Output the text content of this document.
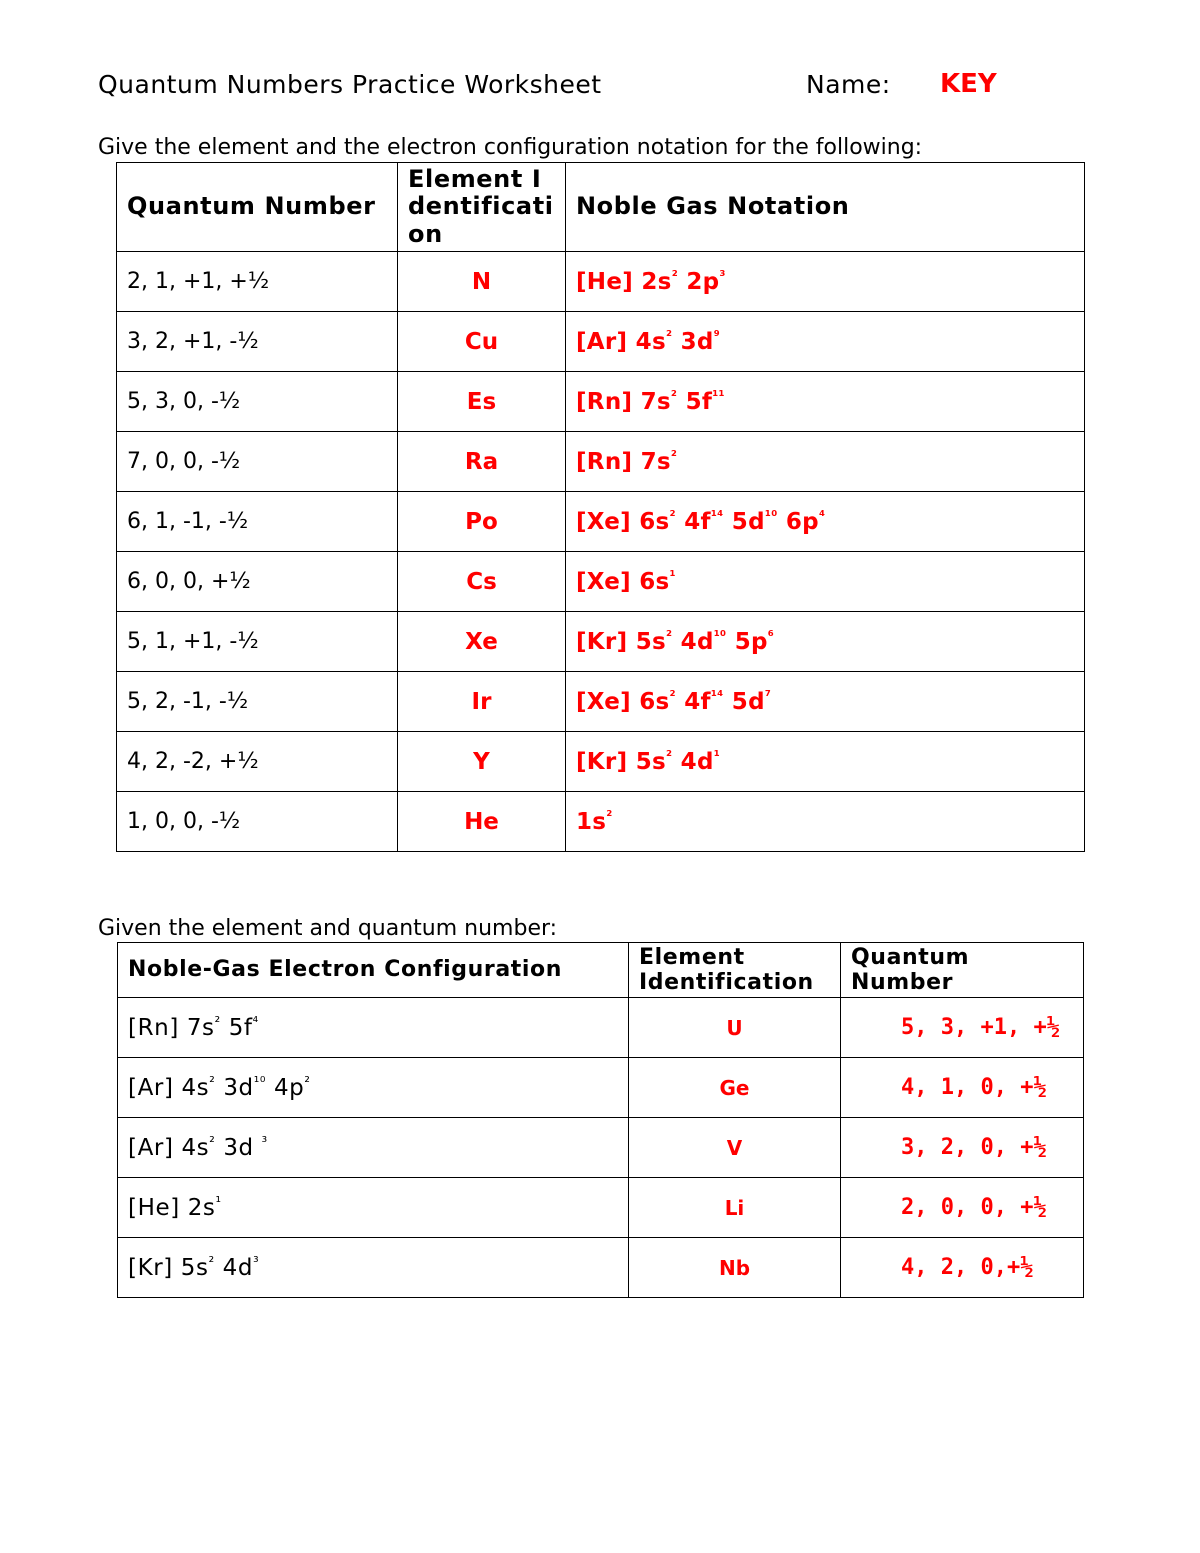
Quantum Numbers Practice Worksheet	Name: KEY
Give the element and the electron configuration notation for the following:
Quantum Number	Element Identification	Noble Gas Notation
2, 1, +1, +½	N	[He] $2s^{^2}$ $2p^{^3}$
3, 2, +1, -½	Cu	[Ar] $4s^{^2}$ $3d^{^9}$
5, 3, 0, -½	Es	[Rn] $7s^{^2}$ $5f^{^{11}}$
7, 0, 0, -½	Ra	[Rn] $7s^{^2}$
6, 1, -1, -½	Po	[Xe] $6s^{^2}$ $4f^{^{14}}$ $5d^{^{10}}$ $6p^{^4}$
6, 0, 0, +½	Cs	[Xe] $6s^{^1}$
5, 1, +1, -½	Xe	[Kr] $5s^{^2}$ $4d^{^{10}}$ $5p^{^6}$
5, 2, -1, -½	Ir	[Xe] $6s^{^2}$ $4f^{^{14}}$ $5d^{^7}$
4, 2, -2, +½	Y	[Kr] $5s^{^2}$ $4d^{^1}$
1, 0, 0, -½	He	$1s^{^2}$
Given the element and quantum number:
Noble-Gas Electron Configuration	Element Identification	Quantum Number
[Rn] $7s^{^2}$ $5f^{^4}$	U	5, 3, +1, +½
[Ar] $4s^{^2}$ $3d^{^{10}}$ $4p^{^2}$	Ge	4, 1, 0, +½
[Ar] $4s^{^2}$ 3d $^{^3}$	V	3, 2, 0, +½
[He] $2s^{^1}$	Li	2, 0, 0, +½
[Kr] $5s^{^2}$ $4d^{^3}$	Nb	4, 2, 0,+½
